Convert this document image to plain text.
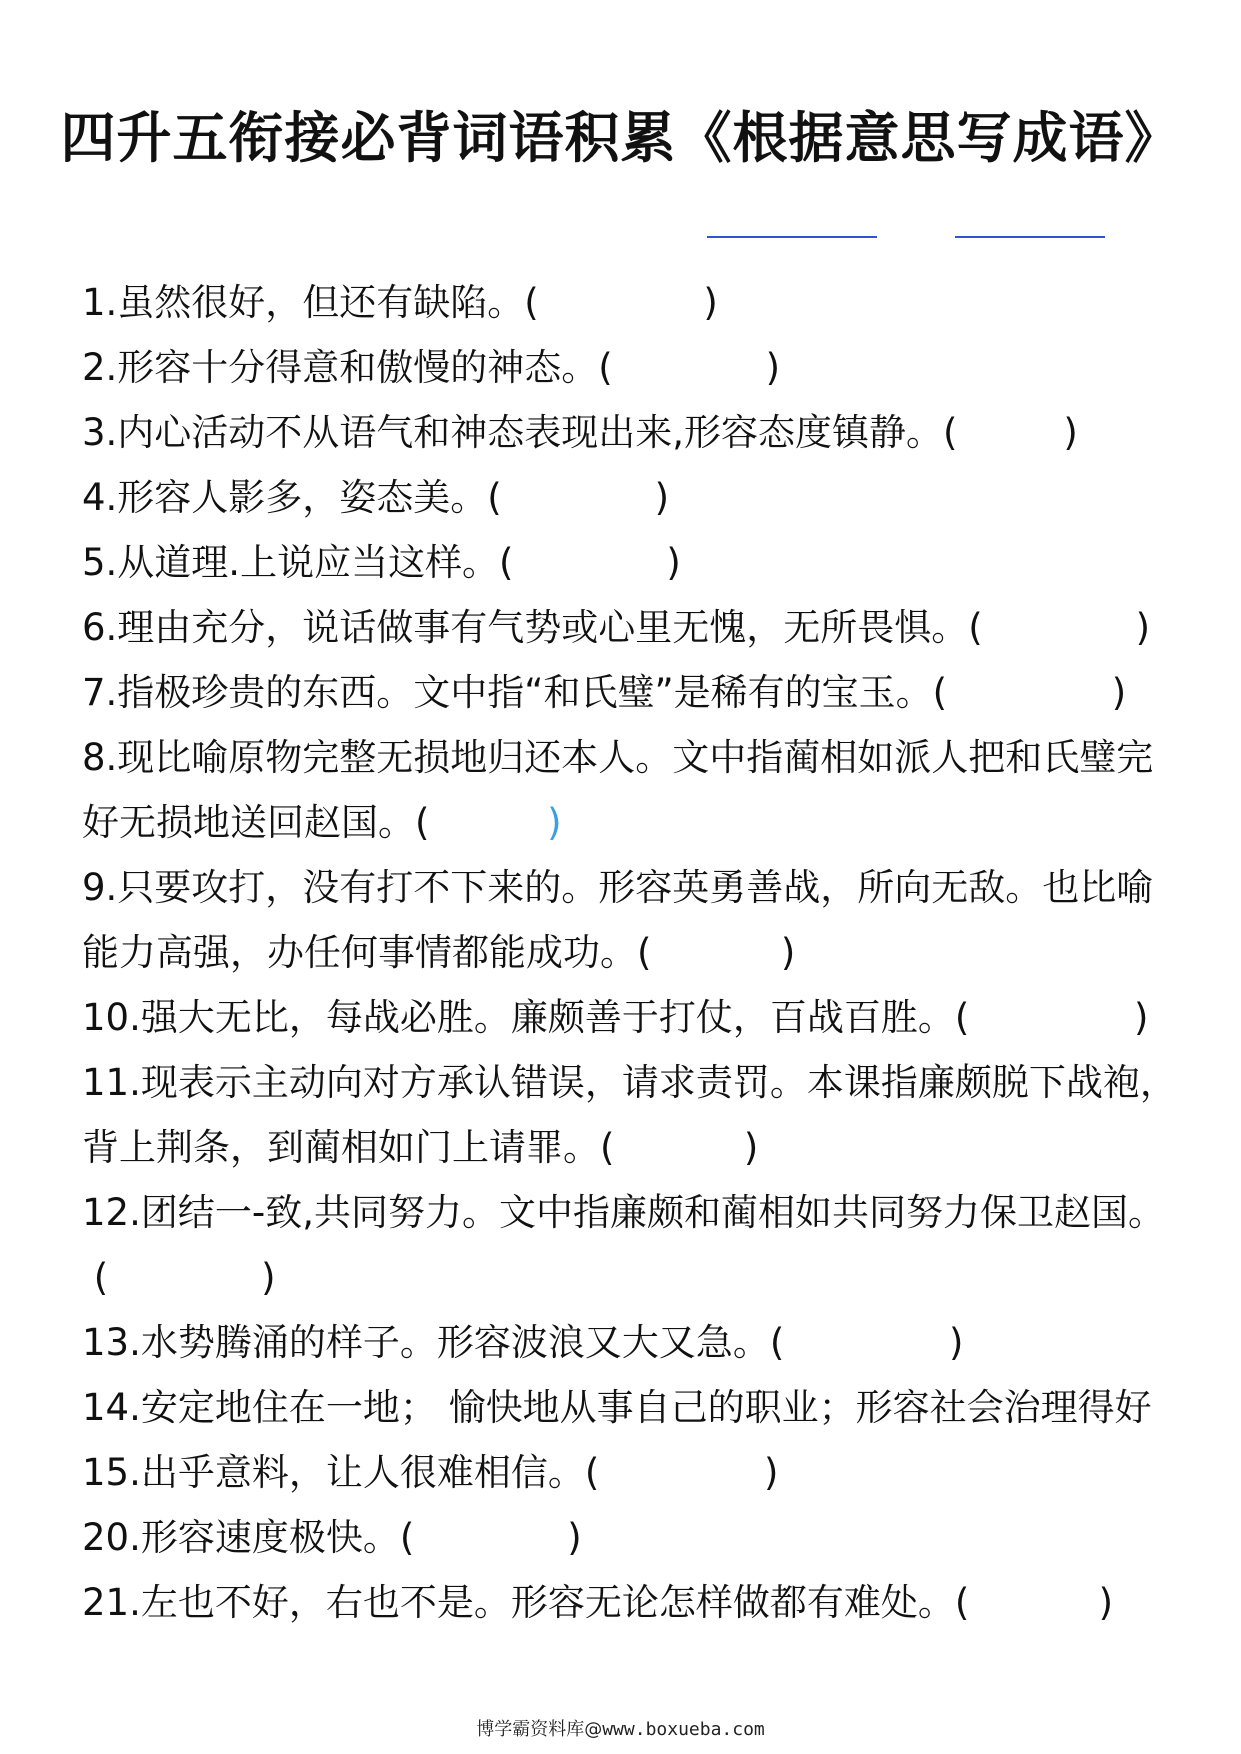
四升五衔接必背词语积累《根据意思写成语》
1.虽然很好，但还有缺陷。(	)
2.形容十分得意和傲慢的神态。(	)
3.内心活动不从语气和神态表现出来,形容态度镇静。(	)
4.形容人影多，姿态美。(	)
5.从道理.上说应当这样。(	)
6.理由充分，说话做事有气势或心里无愧，无所畏惧。(	)
7.指极珍贵的东西。文中指“和氏璧”是稀有的宝玉。(	)
8.现比喻原物完整无损地归还本人。文中指蔺相如派人把和氏璧完
好无损地送回赵国。(	)
9.只要攻打，没有打不下来的。形容英勇善战，所向无敌。也比喻
能力高强，办任何事情都能成功。(	)
10.强大无比，每战必胜。廉颇善于打仗，百战百胜。(	)
11.现表示主动向对方承认错误，请求责罚。本课指廉颇脱下战袍，
背上荆条，到蔺相如门上请罪。(	)
12.团结一-致,共同努力。文中指廉颇和蔺相如共同努力保卫赵国。
(	)
13.水势腾涌的样子。形容波浪又大又急。(	)
14.安定地住在一地； 愉快地从事自己的职业；形容社会治理得好
15.出乎意料，让人很难相信。(	)
20.形容速度极快。(	)
21.左也不好，右也不是。形容无论怎样做都有难处。(	)
博学霸资料库@www.boxueba.com
